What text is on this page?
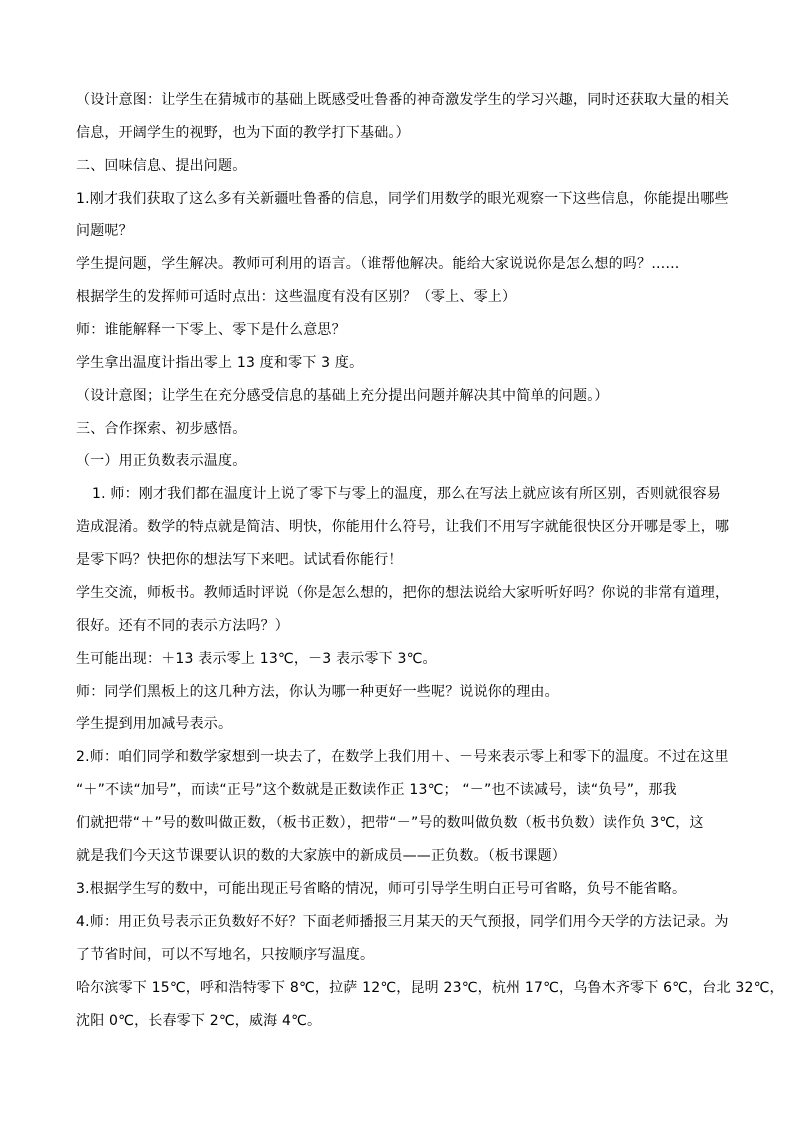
（设计意图：让学生在猜城市的基础上既感受吐鲁番的神奇激发学生的学习兴趣，同时还获取大量的相关
信息，开阔学生的视野，也为下面的教学打下基础。）
二、回味信息、提出问题。
1.刚才我们获取了这么多有关新疆吐鲁番的信息，同学们用数学的眼光观察一下这些信息，你能提出哪些
问题呢？
学生提问题，学生解决。教师可利用的语言。（谁帮他解决。能给大家说说你是怎么想的吗？……
根据学生的发挥师可适时点出：这些温度有没有区别？（零上、零上）
师：谁能解释一下零上、零下是什么意思？
学生拿出温度计指出零上 13 度和零下 3 度。
（设计意图；让学生在充分感受信息的基础上充分提出问题并解决其中简单的问题。）
三、合作探索、初步感悟。
（一）用正负数表示温度。
1. 师：刚才我们都在温度计上说了零下与零上的温度，那么在写法上就应该有所区别，否则就很容易
造成混淆。数学的特点就是简洁、明快，你能用什么符号，让我们不用写字就能很快区分开哪是零上，哪
是零下吗？快把你的想法写下来吧。试试看你能行！
学生交流，师板书。教师适时评说（你是怎么想的，把你的想法说给大家听听好吗？你说的非常有道理，
很好。还有不同的表示方法吗？）
生可能出现：＋13 表示零上 13℃，－3 表示零下 3℃。
师：同学们黑板上的这几种方法，你认为哪一种更好一些呢？说说你的理由。
学生提到用加减号表示。
2.师：咱们同学和数学家想到一块去了，在数学上我们用＋、－号来表示零上和零下的温度。不过在这里
“＋”不读“加号”，而读“正号”这个数就是正数读作正 13℃； “－”也不读减号，读“负号”，那我
们就把带“＋”号的数叫做正数，（板书正数），把带“－”号的数叫做负数（板书负数）读作负 3℃，这
就是我们今天这节课要认识的数的大家族中的新成员——正负数。（板书课题）
3.根据学生写的数中，可能出现正号省略的情况，师可引导学生明白正号可省略，负号不能省略。
4.师：用正负号表示正负数好不好？下面老师播报三月某天的天气预报，同学们用今天学的方法记录。为
了节省时间，可以不写地名，只按顺序写温度。
哈尔滨零下 15℃，呼和浩特零下 8℃，拉萨 12℃，昆明 23℃，杭州 17℃，乌鲁木齐零下 6℃，台北 32℃，
沈阳 0℃，长春零下 2℃，威海 4℃。
